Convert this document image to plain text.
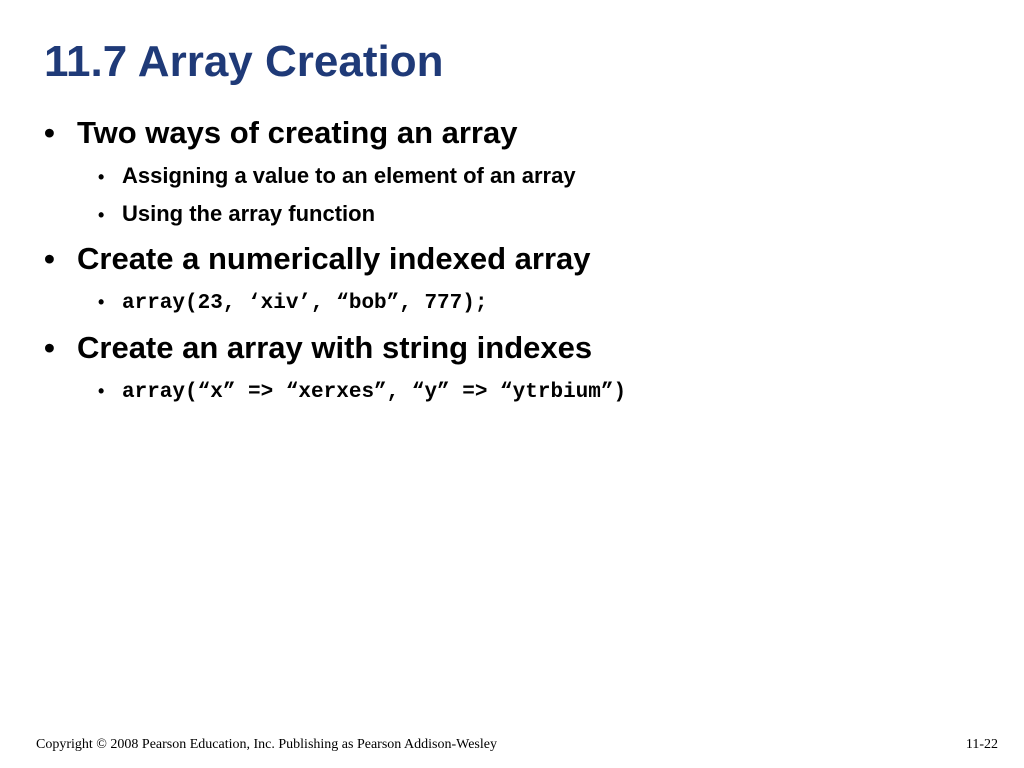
11.7 Array Creation
• Two ways of creating an array
• Assigning a value to an element of an array
• Using the array function
• Create a numerically indexed array
• array(23, ‘xiv’, “bob”, 777);
• Create an array with string indexes
• array(“x” => “xerxes”, “y” => “ytrbium”)
Copyright © 2008 Pearson Education, Inc. Publishing as Pearson Addison-Wesley	11-22
